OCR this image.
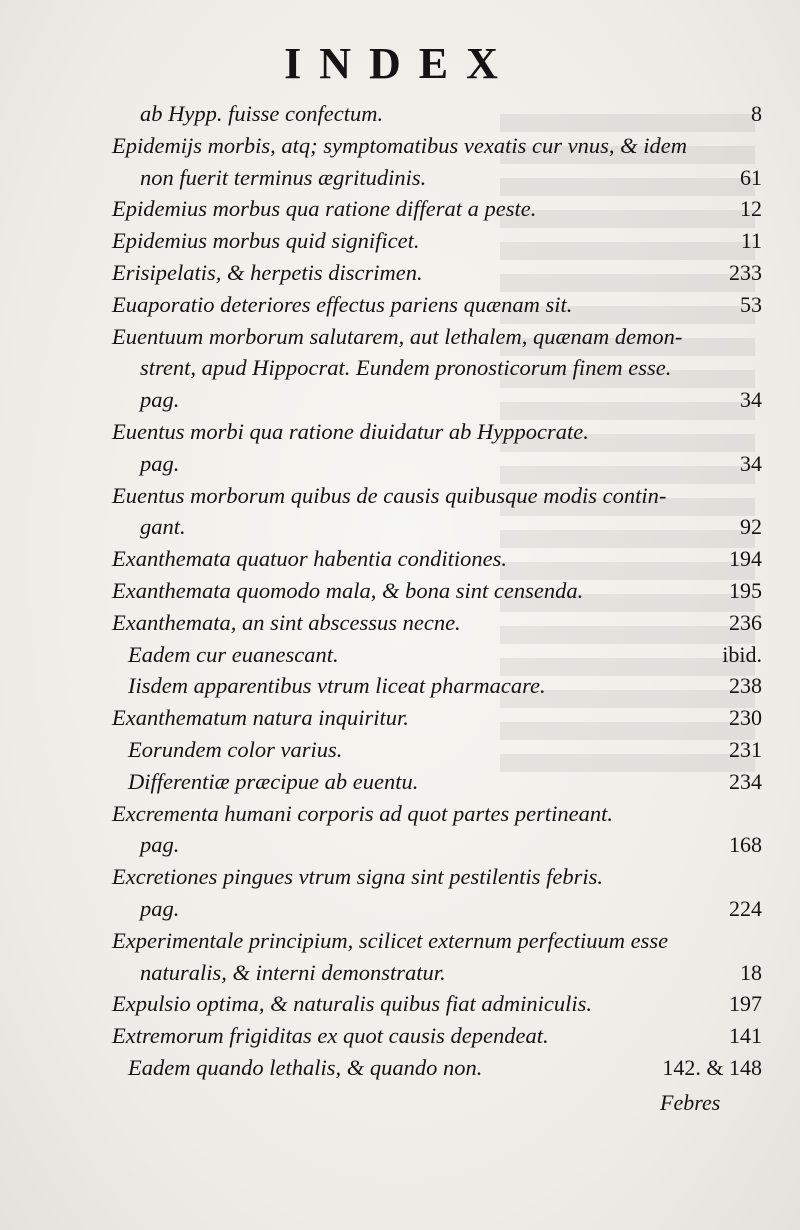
INDEX
ab Hypp. fuisse confectum.	8
Epidemijs morbis, atq; symptomatibus vexatis cur vnus, & idem
non fuerit terminus ægritudinis.	61
Epidemius morbus qua ratione differat a peste.	12
Epidemius morbus quid significet.	11
Erisipelatis, & herpetis discrimen.	233
Euaporatio deteriores effectus pariens quænam sit.	53
Euentuum morborum salutarem, aut lethalem, quænam demon-
strent, apud Hippocrat. Eundem pronosticorum finem esse.
pag.	34
Euentus morbi qua ratione diuidatur ab Hyppocrate.
pag.	34
Euentus morborum quibus de causis quibusque modis contin-
gant.	92
Exanthemata quatuor habentia conditiones.	194
Exanthemata quomodo mala, & bona sint censenda.	195
Exanthemata, an sint abscessus necne.	236
Eadem cur euanescant.	ibid.
Iisdem apparentibus vtrum liceat pharmacare.	238
Exanthematum natura inquiritur.	230
Eorundem color varius.	231
Differentiæ præcipue ab euentu.	234
Excrementa humani corporis ad quot partes pertineant.
pag.	168
Excretiones pingues vtrum signa sint pestilentis febris.
pag.	224
Experimentale principium, scilicet externum perfectiuum esse
naturalis, & interni demonstratur.	18
Expulsio optima, & naturalis quibus fiat adminiculis.	197
Extremorum frigiditas ex quot causis dependeat.	141
Eadem quando lethalis, & quando non.	142. & 148
Febres
